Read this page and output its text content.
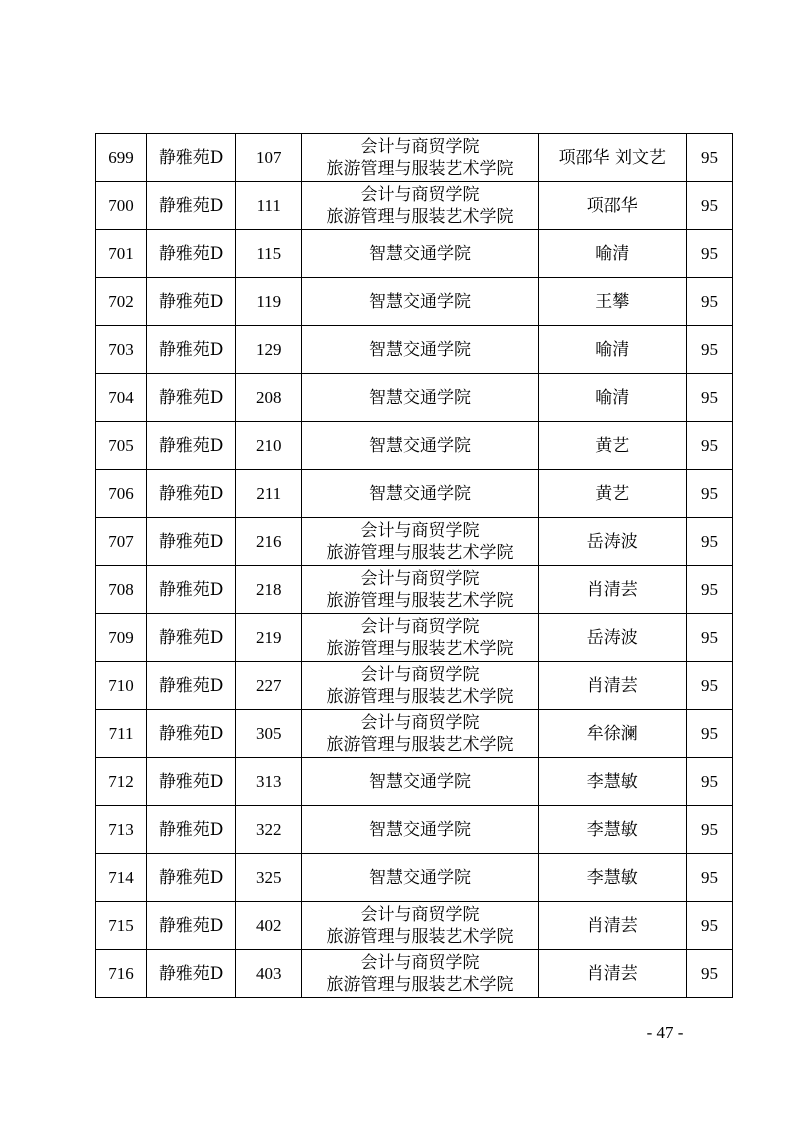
699	静雅苑D	107	会计与商贸学院
旅游管理与服装艺术学院	项邵华 刘文艺	95
700	静雅苑D	111	会计与商贸学院
旅游管理与服装艺术学院	项邵华	95
701	静雅苑D	115	智慧交通学院	喻清	95
702	静雅苑D	119	智慧交通学院	王攀	95
703	静雅苑D	129	智慧交通学院	喻清	95
704	静雅苑D	208	智慧交通学院	喻清	95
705	静雅苑D	210	智慧交通学院	黄艺	95
706	静雅苑D	211	智慧交通学院	黄艺	95
707	静雅苑D	216	会计与商贸学院
旅游管理与服装艺术学院	岳涛波	95
708	静雅苑D	218	会计与商贸学院
旅游管理与服装艺术学院	肖清芸	95
709	静雅苑D	219	会计与商贸学院
旅游管理与服装艺术学院	岳涛波	95
710	静雅苑D	227	会计与商贸学院
旅游管理与服装艺术学院	肖清芸	95
711	静雅苑D	305	会计与商贸学院
旅游管理与服装艺术学院	牟徐澜	95
712	静雅苑D	313	智慧交通学院	李慧敏	95
713	静雅苑D	322	智慧交通学院	李慧敏	95
714	静雅苑D	325	智慧交通学院	李慧敏	95
715	静雅苑D	402	会计与商贸学院
旅游管理与服装艺术学院	肖清芸	95
716	静雅苑D	403	会计与商贸学院
旅游管理与服装艺术学院	肖清芸	95
- 47 -
